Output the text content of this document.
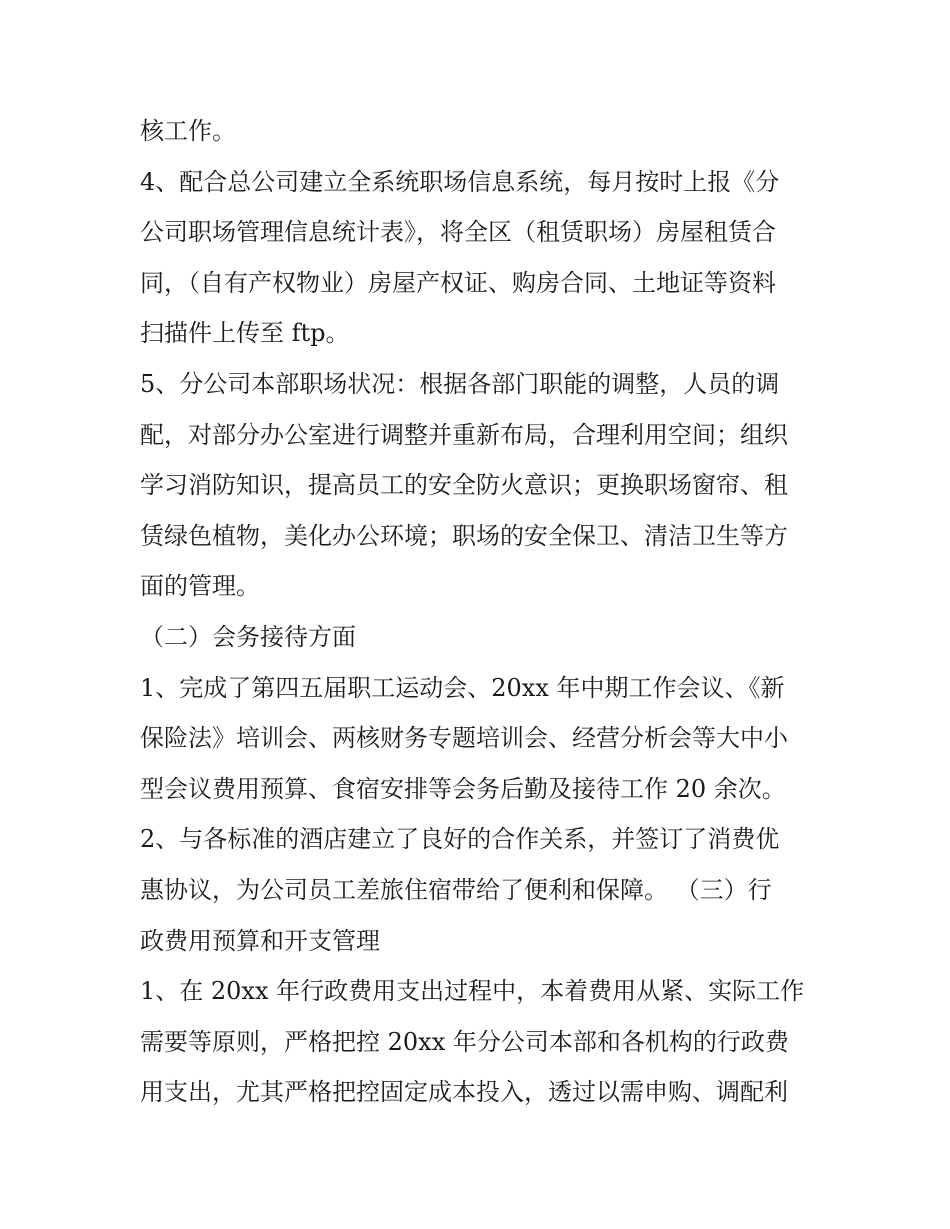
核工作。
4、配合总公司建立全系统职场信息系统，每月按时上报《分
公司职场管理信息统计表》，将全区（租赁职场）房屋租赁合
同，（自有产权物业）房屋产权证、购房合同、土地证等资料
扫描件上传至 ftp。
5、分公司本部职场状况：根据各部门职能的调整，人员的调
配，对部分办公室进行调整并重新布局，合理利用空间；组织
学习消防知识，提高员工的安全防火意识；更换职场窗帘、租
赁绿色植物，美化办公环境；职场的安全保卫、清洁卫生等方
面的管理。
（二）会务接待方面
1、完成了第四五届职工运动会、20xx 年中期工作会议、《新
保险法》培训会、两核财务专题培训会、经营分析会等大中小
型会议费用预算、食宿安排等会务后勤及接待工作 20 余次。
2、与各标准的酒店建立了良好的合作关系，并签订了消费优
惠协议，为公司员工差旅住宿带给了便利和保障。 （三）行
政费用预算和开支管理
1、在 20xx 年行政费用支出过程中，本着费用从紧、实际工作
需要等原则，严格把控 20xx 年分公司本部和各机构的行政费
用支出，尤其严格把控固定成本投入，透过以需申购、调配利
